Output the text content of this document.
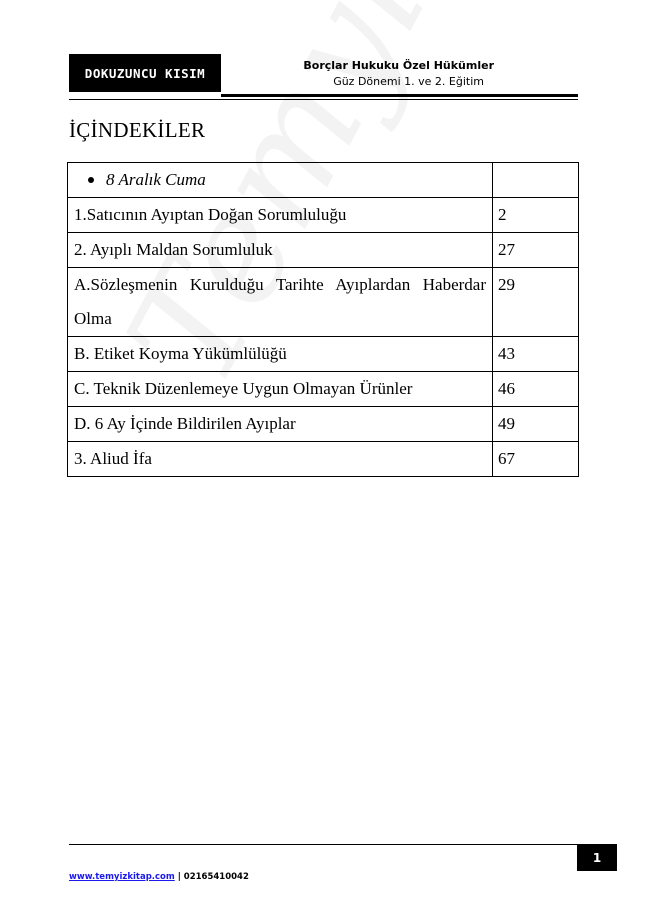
DOKUZUNCU KISIM	Borçlar Hukuku Özel Hükümler
Güz Dönemi 1. ve 2. Eğitim
İÇİNDEKİLER
8 Aralık Cuma	
1.Satıcının Ayıptan Doğan Sorumluluğu	2
2. Ayıplı Maldan Sorumluluk	27
A.Sözleşmenin Kurulduğu Tarihte Ayıplardan Haberdar Olma	29
B. Etiket Koyma Yükümlülüğü	43
C. Teknik Düzenlemeye Uygun Olmayan Ürünler	46
D. 6 Ay İçinde Bildirilen Ayıplar	49
3. Aliud İfa	67
1
www.temyizkitap.com | 02165410042
